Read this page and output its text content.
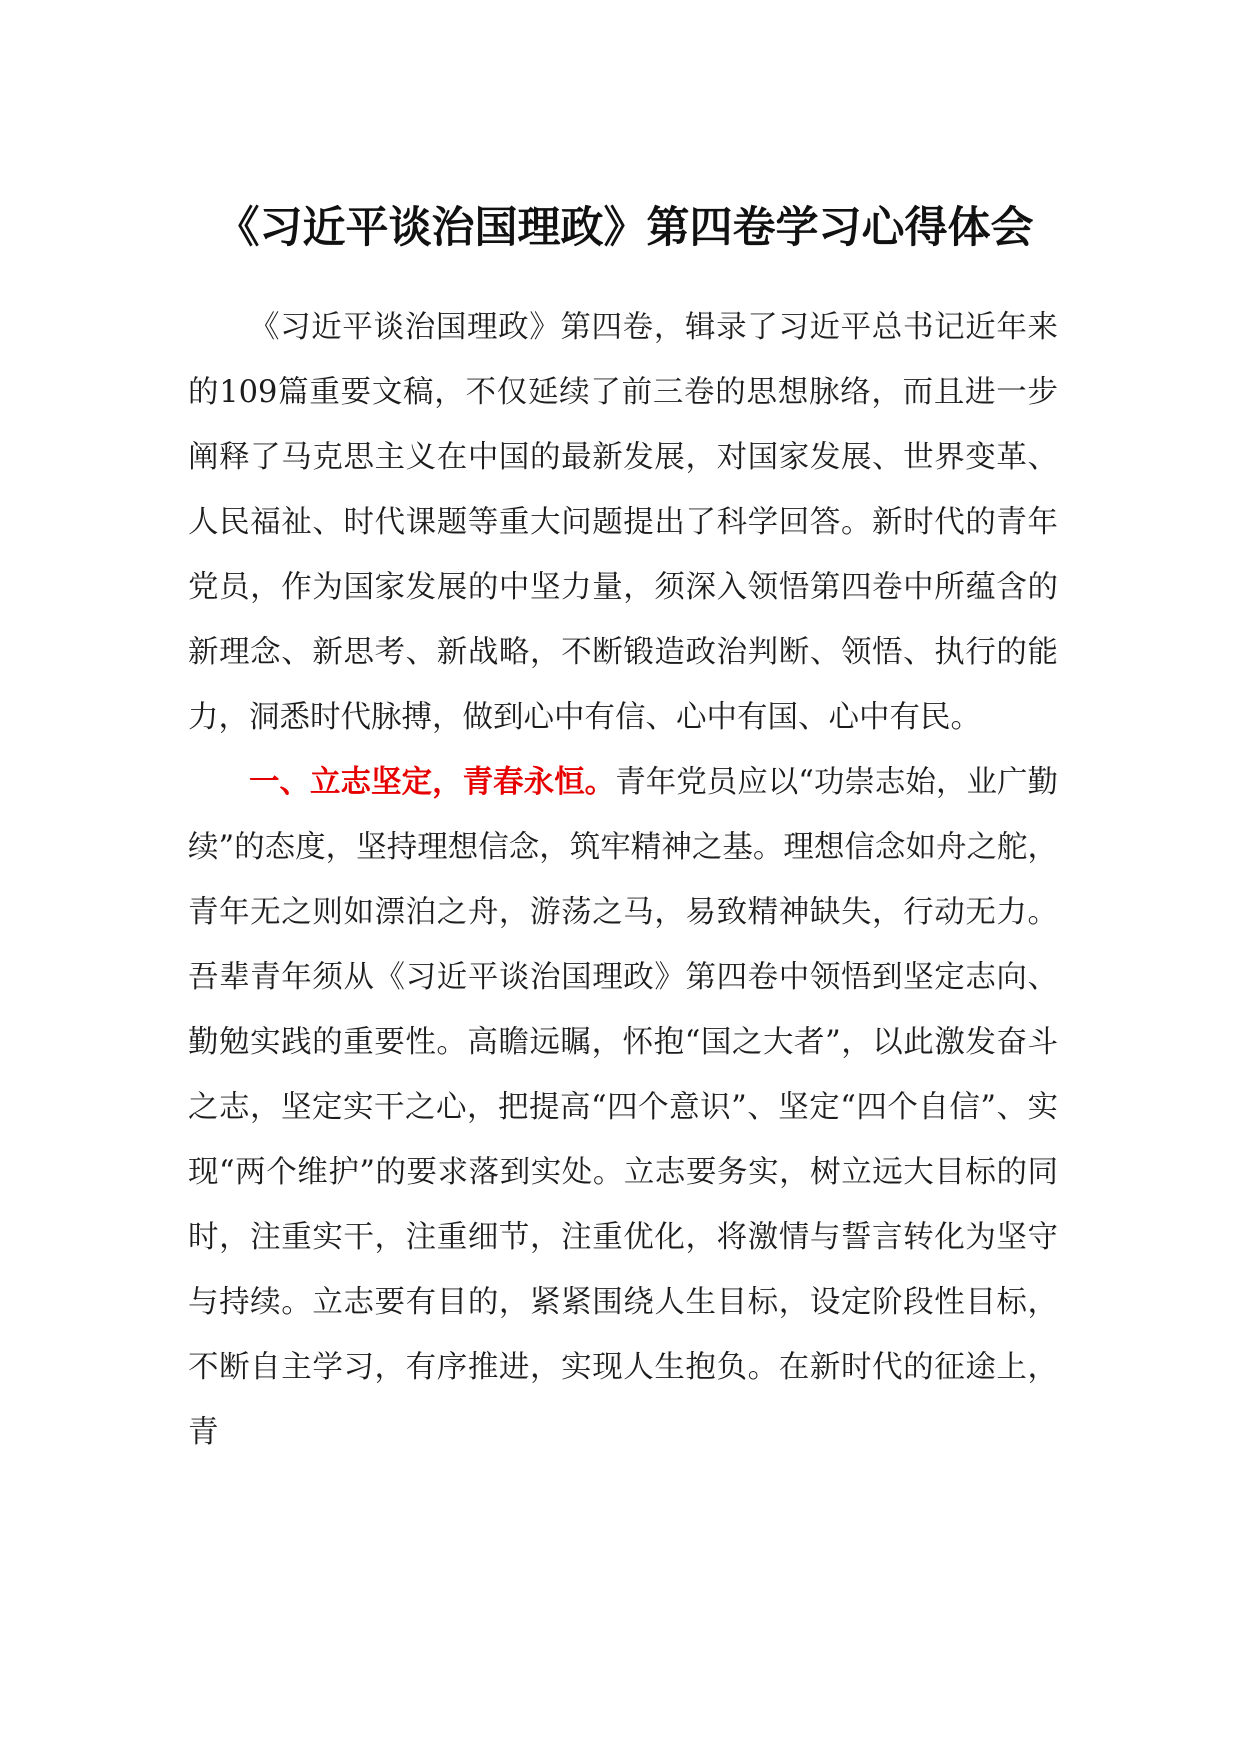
《习近平谈治国理政》第四卷学习心得体会

《习近平谈治国理政》第四卷，辑录了习近平总书记近年来的109篇重要文稿，不仅延续了前三卷的思想脉络，而且进一步阐释了马克思主义在中国的最新发展，对国家发展、世界变革、人民福祉、时代课题等重大问题提出了科学回答。新时代的青年党员，作为国家发展的中坚力量，须深入领悟第四卷中所蕴含的新理念、新思考、新战略，不断锻造政治判断、领悟、执行的能力，洞悉时代脉搏，做到心中有信、心中有国、心中有民。

一、立志坚定，青春永恒。青年党员应以“功崇志始，业广勤续”的态度，坚持理想信念，筑牢精神之基。理想信念如舟之舵，青年无之则如漂泊之舟，游荡之马，易致精神缺失，行动无力。吾辈青年须从《习近平谈治国理政》第四卷中领悟到坚定志向、勤勉实践的重要性。高瞻远瞩，怀抱“国之大者”，以此激发奋斗之志，坚定实干之心，把提高“四个意识”、坚定“四个自信”、实现“两个维护”的要求落到实处。立志要务实，树立远大目标的同时，注重实干，注重细节，注重优化，将激情与誓言转化为坚守与持续。立志要有目的，紧紧围绕人生目标，设定阶段性目标，不断自主学习，有序推进，实现人生抱负。在新时代的征途上，青
